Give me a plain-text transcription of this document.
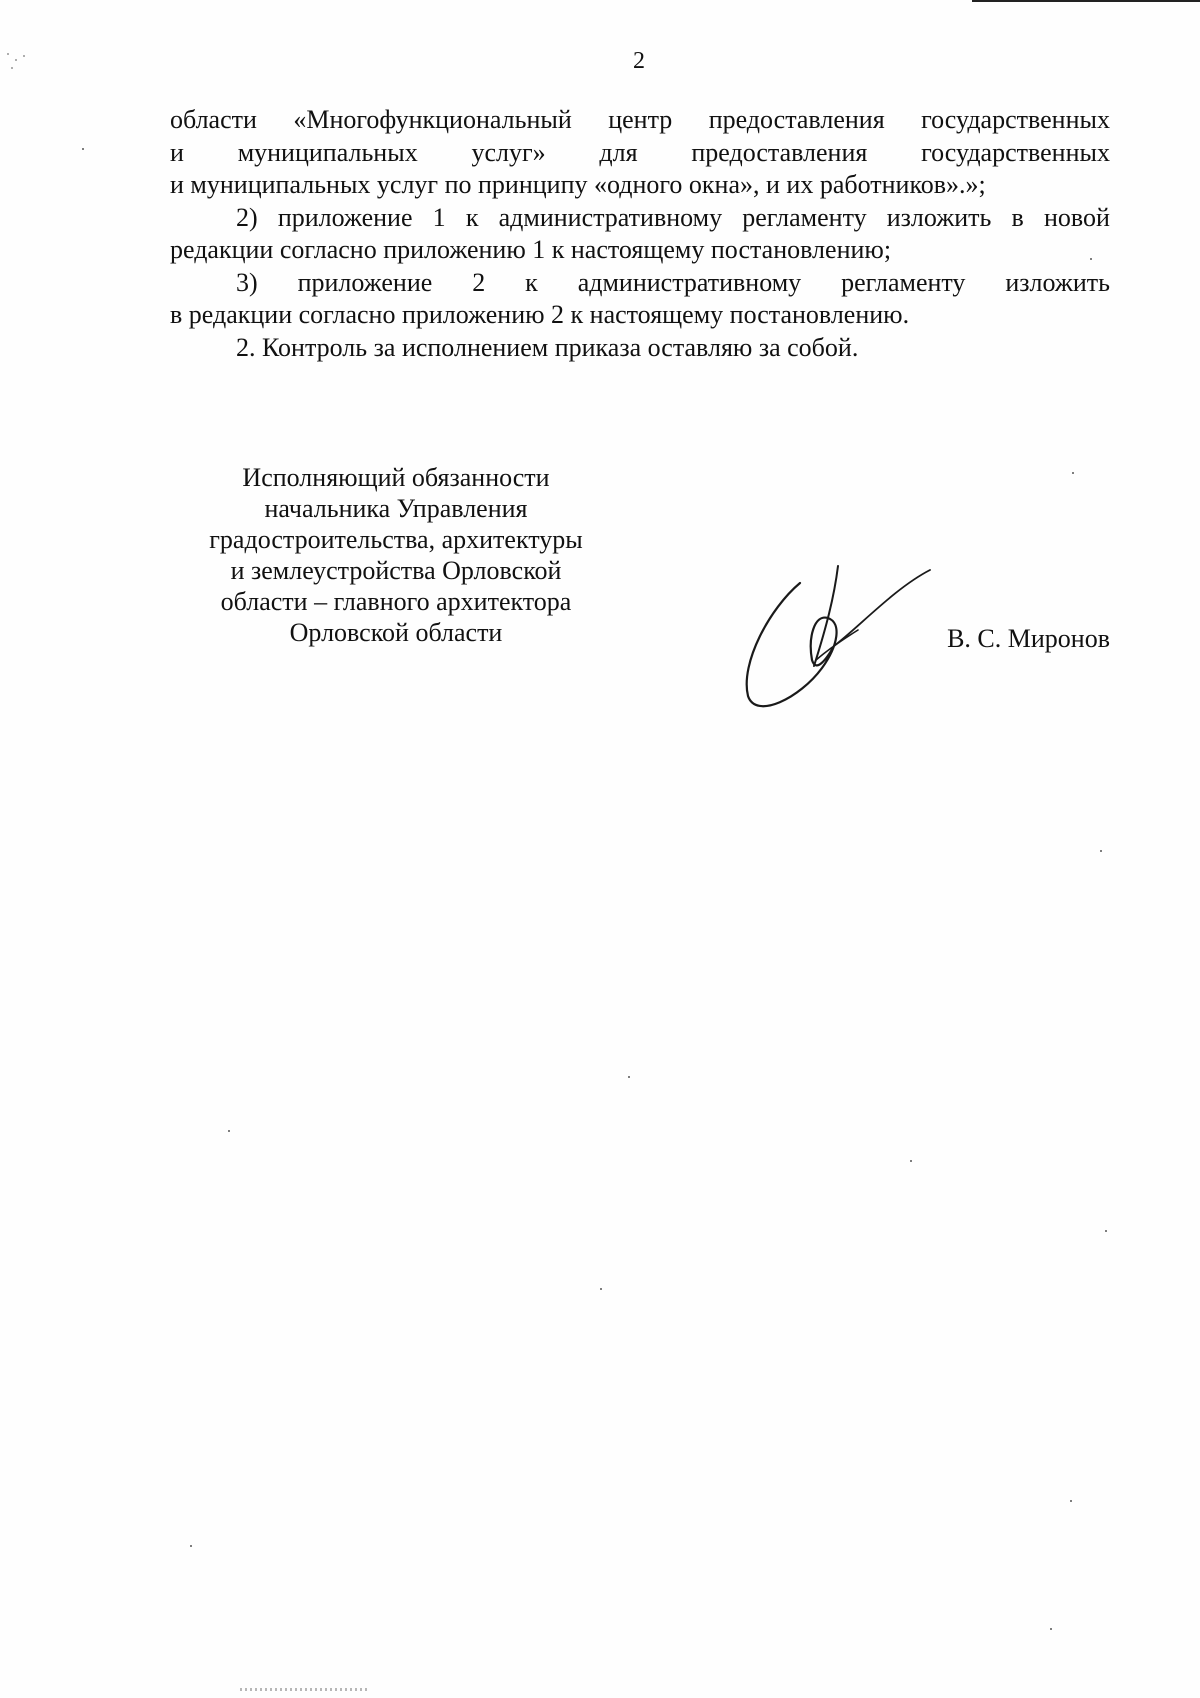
2
области «Многофункциональный центр предоставления государственных
и муниципальных услуг» для предоставления государственных
и муниципальных услуг по принципу «одного окна», и их работников».»;
2) приложение 1 к административному регламенту изложить в новой
редакции согласно приложению 1 к настоящему постановлению;
3) приложение 2 к административному регламенту изложить
в редакции согласно приложению 2 к настоящему постановлению.
2. Контроль за исполнением приказа оставляю за собой.
Исполняющий обязанности
начальника Управления
градостроительства, архитектуры
и землеустройства Орловской
области – главного архитектора
Орловской области	В. С. Миронов
